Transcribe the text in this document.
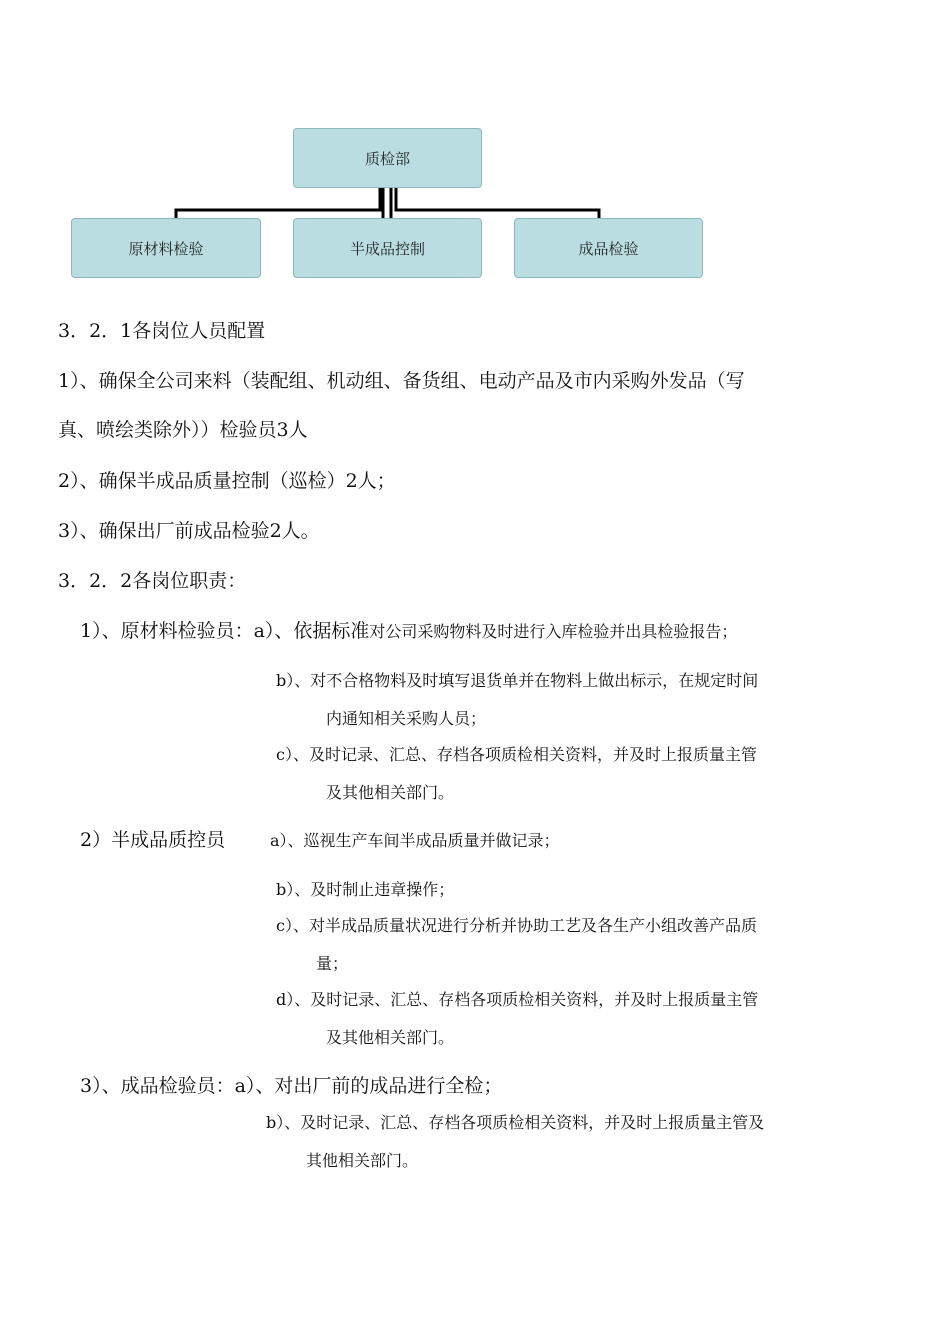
质检部
原材料检验	半成品控制	成品检验
3．2．1各岗位人员配置
1）、确保全公司来料（装配组、机动组、备货组、电动产品及市内采购外发品（写
真、喷绘类除外））检验员3人
2）、确保半成品质量控制（巡检）2人；
3）、确保出厂前成品检验2人。
3．2．2各岗位职责：
1）、原材料检验员：a）、依据标准对公司采购物料及时进行入库检验并出具检验报告；
b）、对不合格物料及时填写退货单并在物料上做出标示，在规定时间
内通知相关采购人员；
c）、及时记录、汇总、存档各项质检相关资料，并及时上报质量主管
及其他相关部门。
2）半成品质控员	a）、巡视生产车间半成品质量并做记录；
b）、及时制止违章操作；
c）、对半成品质量状况进行分析并协助工艺及各生产小组改善产品质
量；
d）、及时记录、汇总、存档各项质检相关资料，并及时上报质量主管
及其他相关部门。
3）、成品检验员：a）、对出厂前的成品进行全检；
b）、及时记录、汇总、存档各项质检相关资料，并及时上报质量主管及
其他相关部门。
